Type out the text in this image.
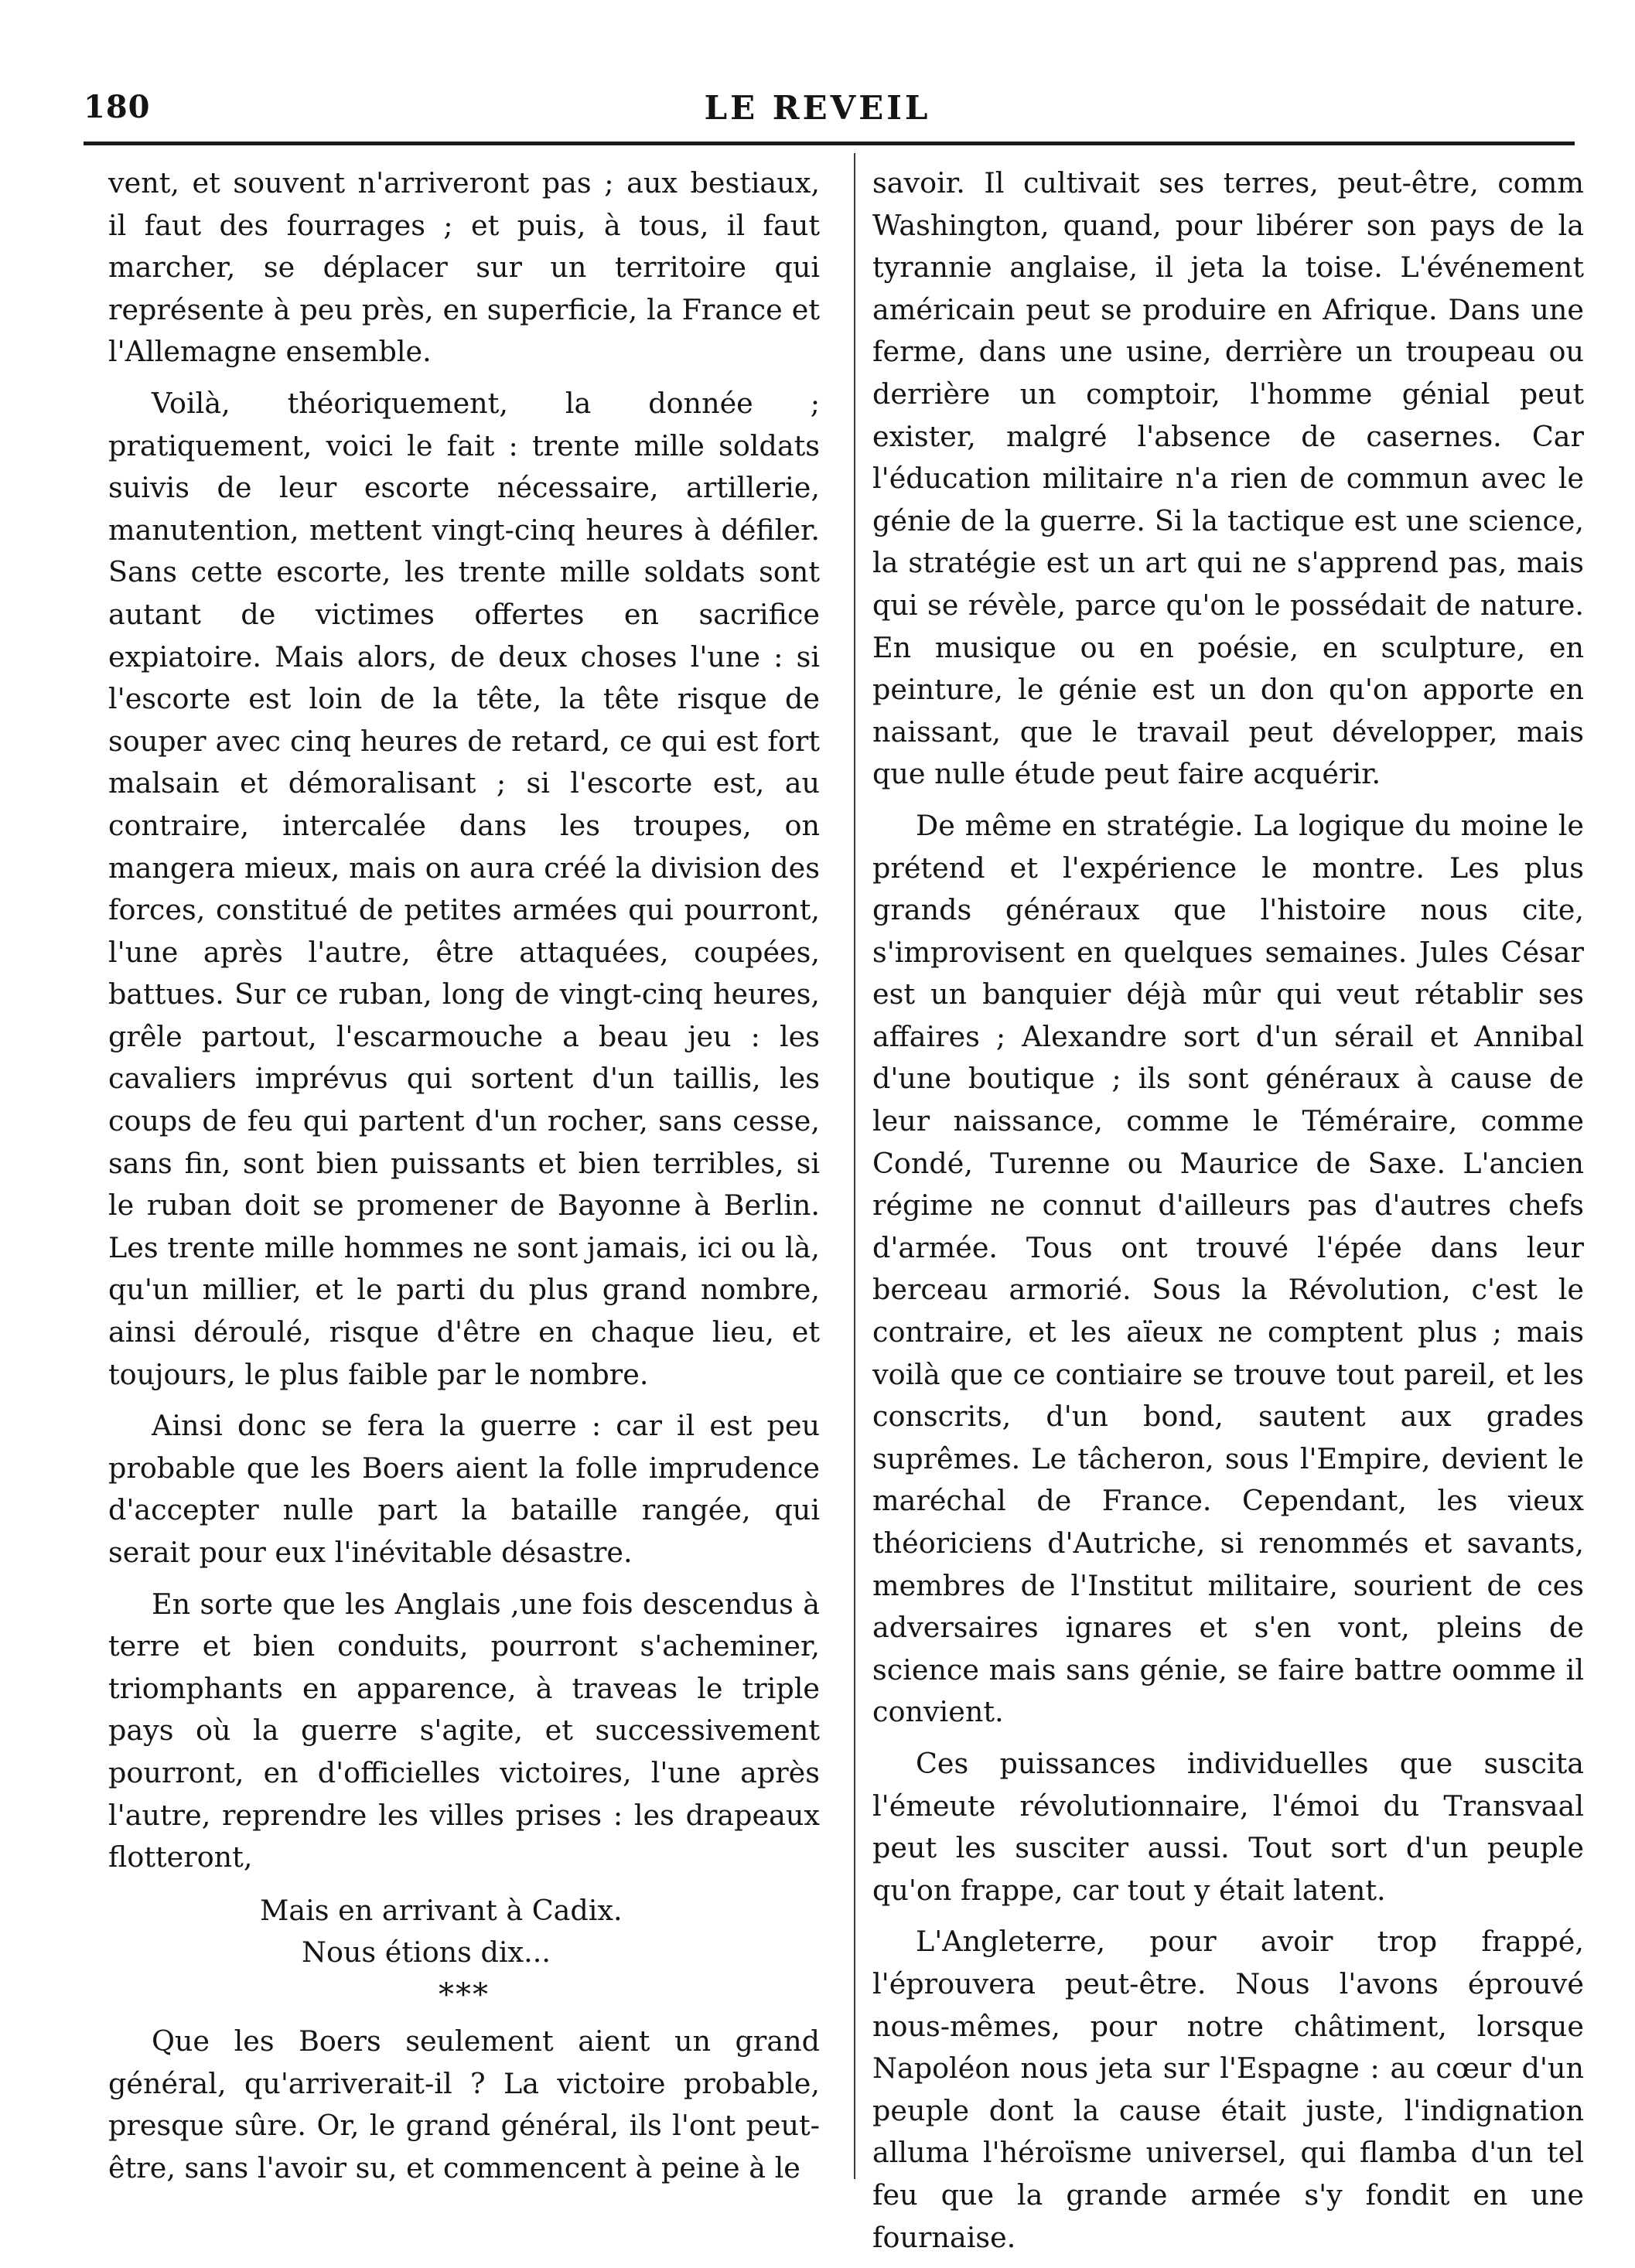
180	LE REVEIL

vent, et souvent n'arriveront pas ; aux bestiaux, il faut des fourrages ; et puis, à tous, il faut marcher, se déplacer sur un territoire qui représente à peu près, en superficie, la France et l'Allemagne ensemble.

Voilà, théoriquement, la donnée ; pratiquement, voici le fait : trente mille soldats suivis de leur escorte nécessaire, artillerie, manutention, mettent vingt-cinq heures à défiler. Sans cette escorte, les trente mille soldats sont autant de victimes offertes en sacrifice expiatoire. Mais alors, de deux choses l'une : si l'escorte est loin de la tête, la tête risque de souper avec cinq heures de retard, ce qui est fort malsain et démoralisant ; si l'escorte est, au contraire, intercalée dans les troupes, on mangera mieux, mais on aura créé la division des forces, constitué de petites armées qui pourront, l'une après l'autre, être attaquées, coupées, battues. Sur ce ruban, long de vingt-cinq heures, grêle partout, l'escarmouche a beau jeu : les cavaliers imprévus qui sortent d'un taillis, les coups de feu qui partent d'un rocher, sans cesse, sans fin, sont bien puissants et bien terribles, si le ruban doit se promener de Bayonne à Berlin. Les trente mille hommes ne sont jamais, ici ou là, qu'un millier, et le parti du plus grand nombre, ainsi déroulé, risque d'être en chaque lieu, et toujours, le plus faible par le nombre.

Ainsi donc se fera la guerre : car il est peu probable que les Boers aient la folle imprudence d'accepter nulle part la bataille rangée, qui serait pour eux l'inévitable désastre.

En sorte que les Anglais ,une fois descendus à terre et bien conduits, pourront s'acheminer, triomphants en apparence, à traveas le triple pays où la guerre s'agite, et successivement pourront, en d'officielles victoires, l'une après l'autre, reprendre les villes prises : les drapeaux flotteront,

Mais en arrivant à Cadix.
Nous étions dix...
***

Que les Boers seulement aient un grand général, qu'arriverait-il ? La victoire probable, presque sûre. Or, le grand général, ils l'ont peut-être, sans l'avoir su, et commencent à peine à le

savoir. Il cultivait ses terres, peut-être, comm Washington, quand, pour libérer son pays de la tyrannie anglaise, il jeta la toise. L'événement américain peut se produire en Afrique. Dans une ferme, dans une usine, derrière un troupeau ou derrière un comptoir, l'homme génial peut exister, malgré l'absence de casernes. Car l'éducation militaire n'a rien de commun avec le génie de la guerre. Si la tactique est une science, la stratégie est un art qui ne s'apprend pas, mais qui se révèle, parce qu'on le possédait de nature. En musique ou en poésie, en sculpture, en peinture, le génie est un don qu'on apporte en naissant, que le travail peut développer, mais que nulle étude peut faire acquérir.

De même en stratégie. La logique du moine le prétend et l'expérience le montre. Les plus grands généraux que l'histoire nous cite, s'improvisent en quelques semaines. Jules César est un banquier déjà mûr qui veut rétablir ses affaires ; Alexandre sort d'un sérail et Annibal d'une boutique ; ils sont généraux à cause de leur naissance, comme le Téméraire, comme Condé, Turenne ou Maurice de Saxe. L'ancien régime ne connut d'ailleurs pas d'autres chefs d'armée. Tous ont trouvé l'épée dans leur berceau armorié. Sous la Révolution, c'est le contraire, et les aïeux ne comptent plus ; mais voilà que ce contiaire se trouve tout pareil, et les conscrits, d'un bond, sautent aux grades suprêmes. Le tâcheron, sous l'Empire, devient le maréchal de France. Cependant, les vieux théoriciens d'Autriche, si renommés et savants, membres de l'Institut militaire, sourient de ces adversaires ignares et s'en vont, pleins de science mais sans génie, se faire battre oomme il convient.

Ces puissances individuelles que suscita l'émeute révolutionnaire, l'émoi du Transvaal peut les susciter aussi. Tout sort d'un peuple qu'on frappe, car tout y était latent.

L'Angleterre, pour avoir trop frappé, l'éprouvera peut-être. Nous l'avons éprouvé nous-mêmes, pour notre châtiment, lorsque Napoléon nous jeta sur l'Espagne : au cœur d'un peuple dont la cause était juste, l'indignation alluma l'héroïsme universel, qui flamba d'un tel feu que la grande armée s'y fondit en une fournaise.
